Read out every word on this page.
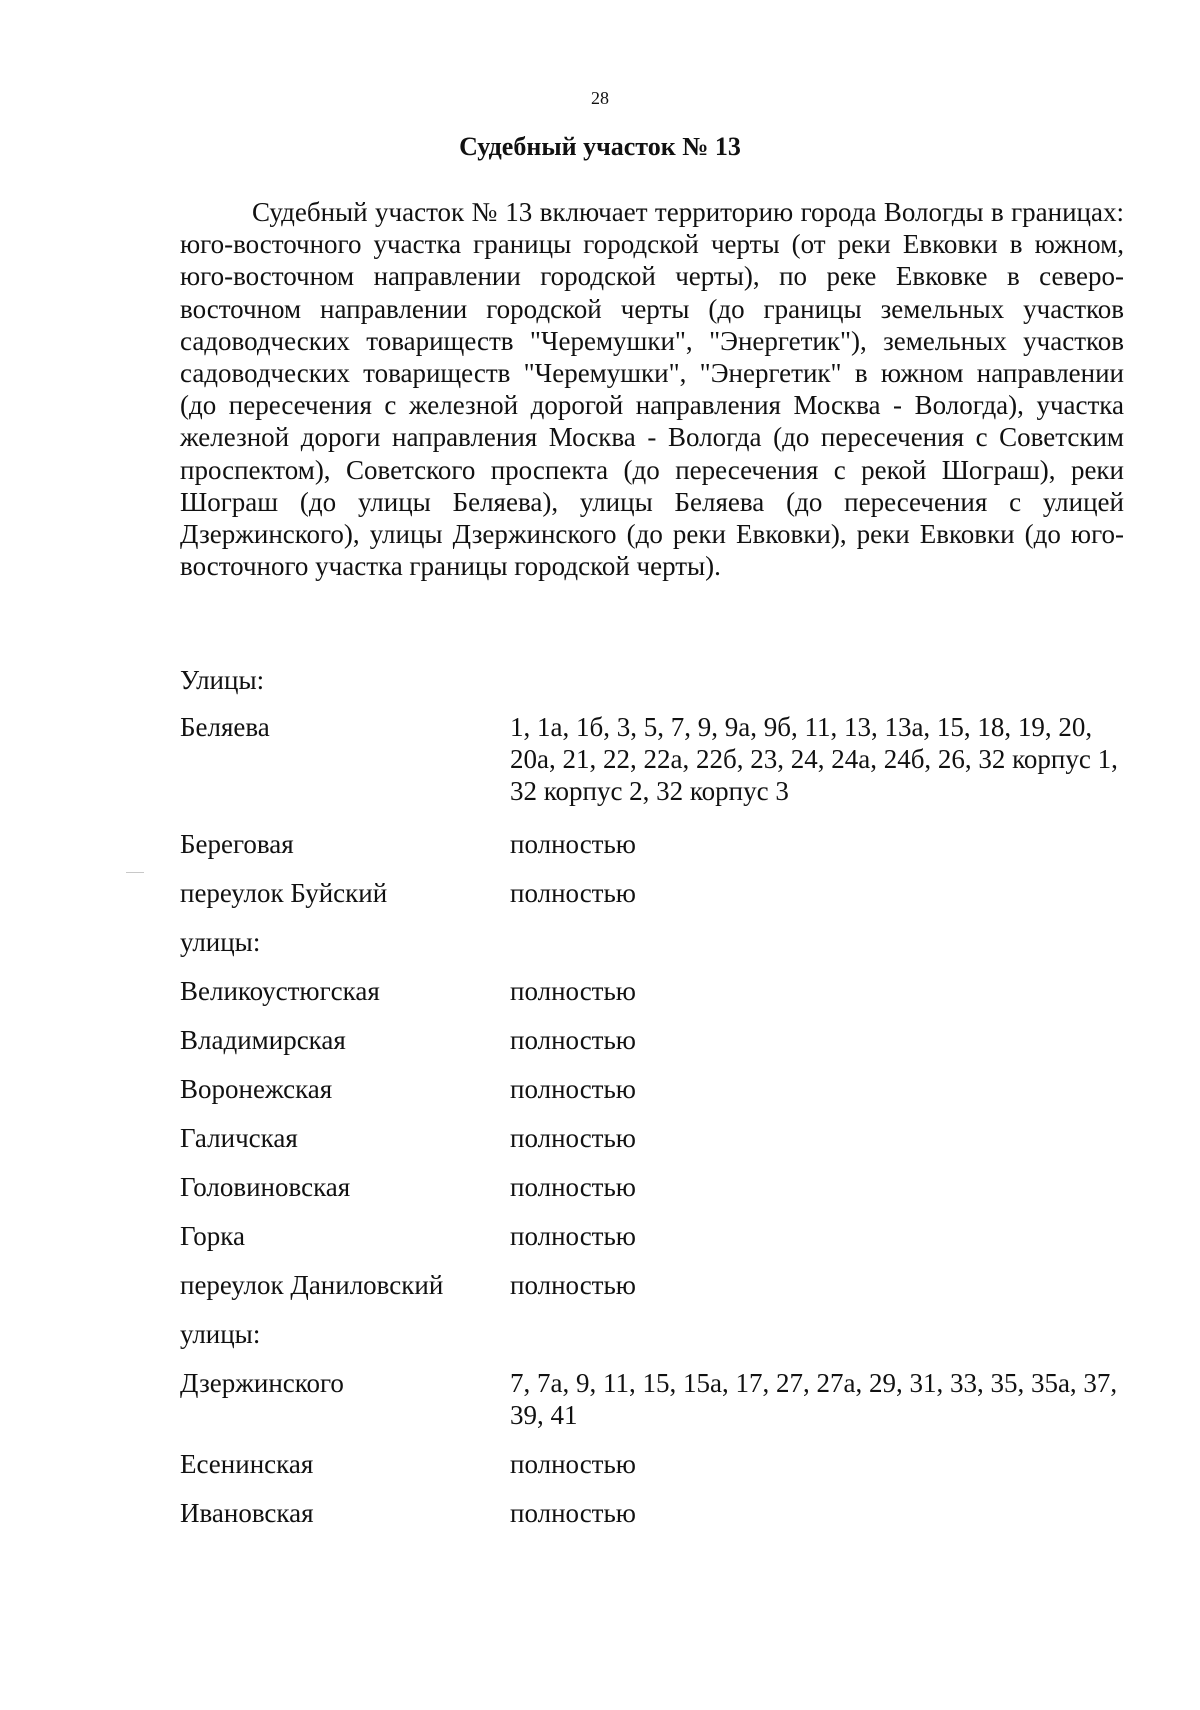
28
Судебный участок № 13

Судебный участок № 13 включает территорию города Вологды в границах: юго-восточного участка границы городской черты (от реки Евковки в южном, юго-восточном направлении городской черты), по реке Евковке в северо-восточном направлении городской черты (до границы земельных участков садоводческих товариществ "Черемушки", "Энергетик"), земельных участков садоводческих товариществ "Черемушки", "Энергетик" в южном направлении (до пересечения с железной дорогой направления Москва - Вологда), участка железной дороги направления Москва - Вологда (до пересечения с Советским проспектом), Советского проспекта (до пересечения с рекой Шограш), реки Шограш (до улицы Беляева), улицы Беляева (до пересечения с улицей Дзержинского), улицы Дзержинского (до реки Евковки), реки Евковки (до юго-восточного участка границы городской черты).

Улицы:
Беляева	1, 1а, 1б, 3, 5, 7, 9, 9а, 9б, 11, 13, 13а, 15, 18, 19, 20, 20а, 21, 22, 22а, 22б, 23, 24, 24а, 24б, 26, 32 корпус 1, 32 корпус 2, 32 корпус 3
Береговая	полностью
переулок Буйский	полностью
улицы:
Великоустюгская	полностью
Владимирская	полностью
Воронежская	полностью
Галичская	полностью
Головиновская	полностью
Горка	полностью
переулок Даниловский	полностью
улицы:
Дзержинского	7, 7а, 9, 11, 15, 15а, 17, 27, 27а, 29, 31, 33, 35, 35а, 37, 39, 41
Есенинская	полностью
Ивановская	полностью
